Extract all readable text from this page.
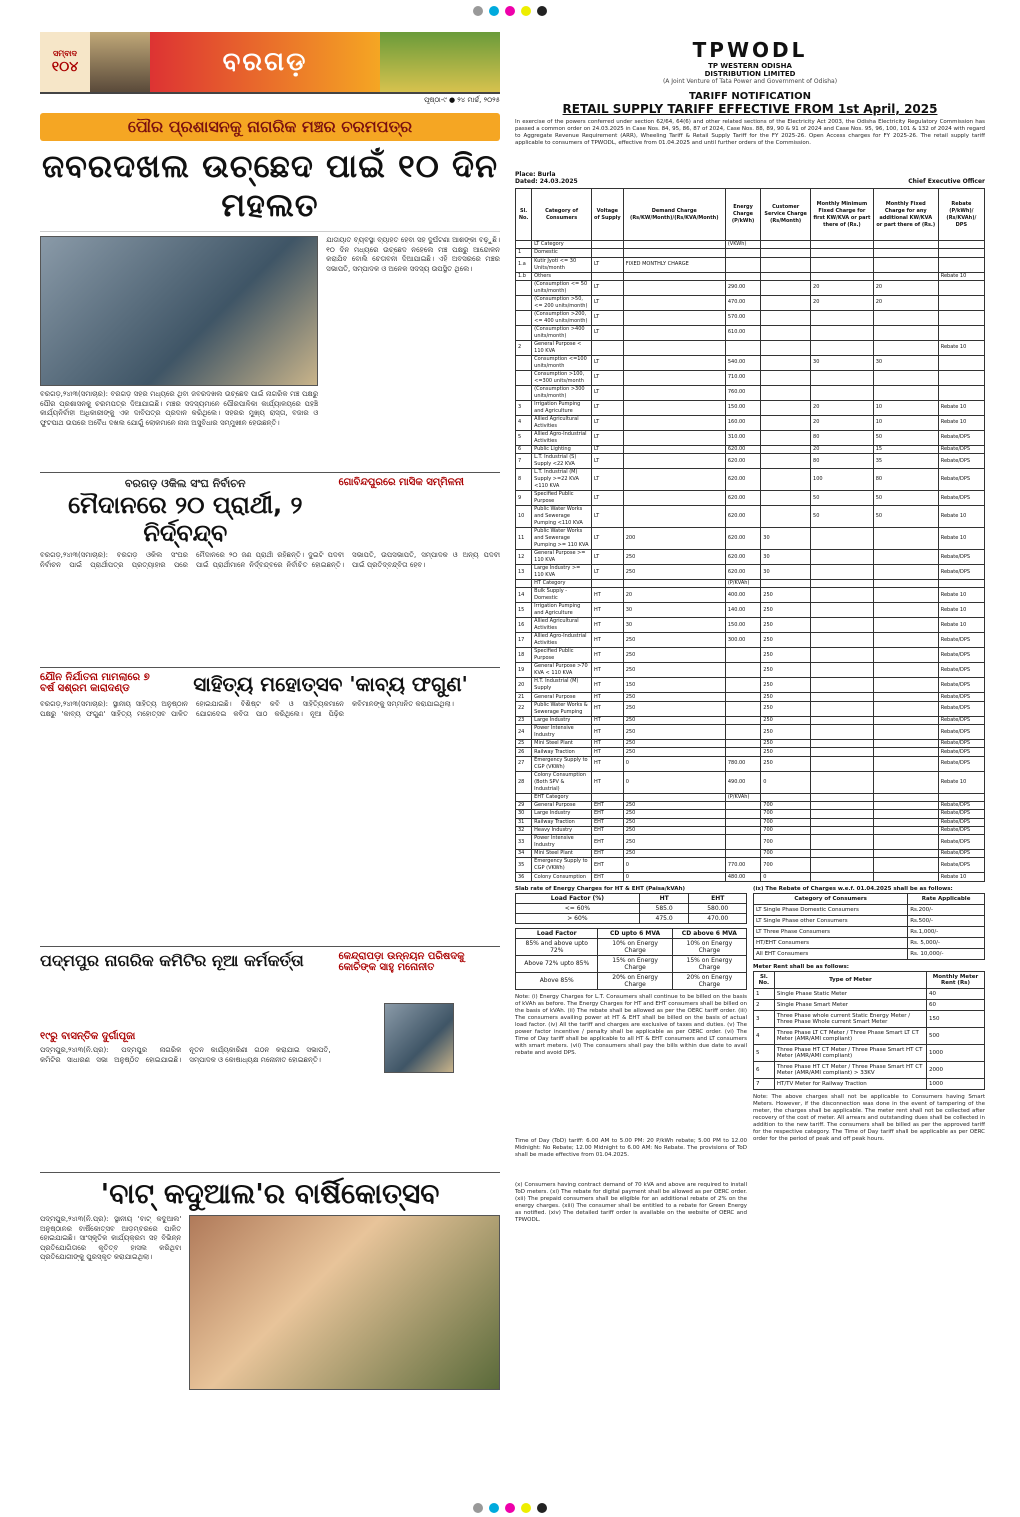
ସମ୍ବାଦ
୧୦୪	ବରଗଡ଼
ପୃଷ୍ଠା-୯ ● ୨୪ ମାର୍ଚ୍ଚ, ୨୦୨୫
ପୌର ପ୍ରଶାସନକୁ ନାଗରିକ ମଞ୍ଚର ଚରମପତ୍ର
ଜବରଦଖଲ ଉଚ୍ଛେଦ ପାଇଁ ୧୦ ଦିନ ମହଲତ
ବରଗଡ଼,୨୪ା୩(ସମାଚାର): ବରଗଡ଼ ସହର ମଧ୍ୟରେ ଥିବା ଜବରଦଖଲ ଉଚ୍ଛେଦ ପାଇଁ ନାଗରିକ ମଞ୍ଚ ପକ୍ଷରୁ ପୌର ପ୍ରଶାସନକୁ ଚରମପତ୍ର ଦିଆଯାଇଛି। ମଞ୍ଚର ସଦସ୍ୟମାନେ ପୌରପାଳିକା କାର୍ଯ୍ୟାଳୟରେ ପହଞ୍ଚି କାର୍ଯ୍ୟନିର୍ବାହୀ ଅଧିକାରୀଙ୍କୁ ଏକ ଦାବିପତ୍ର ପ୍ରଦାନ କରିଥିଲେ। ସହରର ମୁଖ୍ୟ ରାସ୍ତା, ବଜାର ଓ ଫୁଟପାଥ ଉପରେ ଅବୈଧ ଦଖଲ ଯୋଗୁଁ ଲୋକମାନେ ନାନା ଅସୁବିଧାର ସମ୍ମୁଖୀନ ହେଉଛନ୍ତି।
ଯାତାୟାତ ବ୍ୟବସ୍ଥା ବ୍ୟାହତ ହେବା ସହ ଦୁର୍ଘଟଣା ଆଶଙ୍କା ବଢ଼ୁଛି। ୧୦ ଦିନ ମଧ୍ୟରେ ଉଚ୍ଛେଦ ନହେଲେ ମଞ୍ଚ ପକ୍ଷରୁ ଆନ୍ଦୋଳନ କରାଯିବ ବୋଲି ଚେତାବନୀ ଦିଆଯାଇଛି। ଏହି ଅବସରରେ ମଞ୍ଚର ସଭାପତି, ସମ୍ପାଦକ ଓ ଅନେକ ସଦସ୍ୟ ଉପସ୍ଥିତ ଥିଲେ।
ବରଗଡ଼ ଓକିଲ ସଂଘ ନିର୍ବାଚନ
ମୈଦାନରେ ୨୦ ପ୍ରାର୍ଥୀ, ୨ ନିର୍ଦ୍ବନ୍ଦ୍ବ
ଗୋବିନ୍ଦପୁରରେ ମାସିକ ସମ୍ମିଳନୀ
ବରଗଡ଼,୨୪ା୩(ସମାଚାର): ବରଗଡ଼ ଓକିଲ ସଂଘର ନିର୍ବାଚନ ପାଇଁ ପ୍ରାର୍ଥୀପତ୍ର ପ୍ରତ୍ୟାହାର ପରେ ମୈଦାନରେ ୨୦ ଜଣ ପ୍ରାର୍ଥୀ ରହିଛନ୍ତି। ଦୁଇଟି ପଦବୀ ପାଇଁ ପ୍ରାର୍ଥୀମାନେ ନିର୍ଦ୍ବନ୍ଦ୍ବରେ ନିର୍ବାଚିତ ହୋଇଛନ୍ତି। ସଭାପତି, ଉପସଭାପତି, ସମ୍ପାଦକ ଓ ଅନ୍ୟ ପଦବୀ ପାଇଁ ପ୍ରତିଦ୍ବନ୍ଦ୍ବିତା ହେବ।
ଯୌନ ନିର୍ଯାତନା ମାମଲାରେ ୭ ବର୍ଷ ସଶ୍ରମ କାରାଦଣ୍ଡ	ସାହିତ୍ୟ ମହୋତ୍ସବ 'କାବ୍ୟ ଫଗୁଣ'
ବରଗଡ଼,୨୪ା୩(ସମାଚାର): ସ୍ଥାନୀୟ ସାହିତ୍ୟ ଅନୁଷ୍ଠାନ ପକ୍ଷରୁ 'କାବ୍ୟ ଫଗୁଣ' ସାହିତ୍ୟ ମହୋତ୍ସବ ପାଳିତ ହୋଇଯାଇଛି। ବିଶିଷ୍ଟ କବି ଓ ସାହିତ୍ୟିକମାନେ ଯୋଗଦେଇ କବିତା ପାଠ କରିଥିଲେ। ନୂଆ ପିଢ଼ିର କବିମାନଙ୍କୁ ସମ୍ମାନିତ କରାଯାଇଥିଲା।
ପଦ୍ମପୁର ନାଗରିକ କମିଟିର ନୂଆ କର୍ମକର୍ତ୍ତା
୧୯ରୁ ବାସନ୍ତିକ ଦୁର୍ଗାପୂଜା
ପଦ୍ମପୁର,୨୪ା୩(ନି.ପ୍ର): ପଦ୍ମପୁର ନାଗରିକ କମିଟିର ସାଧାରଣ ସଭା ଅନୁଷ୍ଠିତ ହୋଇଯାଇଛି। ନୂତନ କାର୍ଯ୍ୟକାରିଣୀ ଗଠନ କରାଯାଇ ସଭାପତି, ସମ୍ପାଦକ ଓ କୋଷାଧ୍ୟକ୍ଷ ମନୋନୀତ ହୋଇଛନ୍ତି।
କେନ୍ଦ୍ରାପଡ଼ା ଉନ୍ନୟନ ପରିଷଦକୁ କୋଚିଙ୍କ ସାହୁ ମନୋନୀତ
'ବାଟ୍ କଦୁଆଲ'ର ବାର୍ଷିକୋତ୍ସବ
ପଦ୍ମପୁର,୨୪ା୩(ନି.ପ୍ର): ସ୍ଥାନୀୟ 'ବାଟ୍ କଦୁଆଲ' ଅନୁଷ୍ଠାନର ବାର୍ଷିକୋତ୍ସବ ଆଡ଼ମ୍ବରରେ ପାଳିତ ହୋଇଯାଇଛି। ସାଂସ୍କୃତିକ କାର୍ଯ୍ୟକ୍ରମ ସହ ବିଭିନ୍ନ ପ୍ରତିଯୋଗିତାରେ କୃତିତ୍ବ ହାସଲ କରିଥିବା ପ୍ରତିଯୋଗୀଙ୍କୁ ପୁରସ୍କୃତ କରାଯାଇଥିଲା।
TPWODL
TP WESTERN ODISHA
DISTRIBUTION LIMITED
(A Joint Venture of Tata Power and Government of Odisha)
TARIFF NOTIFICATION
RETAIL SUPPLY TARIFF EFFECTIVE FROM 1st April, 2025
In exercise of the powers conferred under section 62/64, 64(6) and other related sections of the Electricity Act 2003, the Odisha Electricity Regulatory Commission has passed a common order on 24.03.2025 in Case Nos. 84, 95, 86, 87 of 2024, Case Nos. 88, 89, 90 & 91 of 2024 and Case Nos. 95, 96, 100, 101 & 132 of 2024 with regard to Aggregate Revenue Requirement (ARR), Wheeling Tariff & Retail Supply Tariff for the FY 2025-26. Open Access charges for FY 2025-26. The retail supply tariff applicable to consumers of TPWODL, effective from 01.04.2025 and until further orders of the Commission.
Place: Burla
Dated: 24.03.2025	Chief Executive Officer
Sl. No.	Category of Consumers	Voltage of Supply	Demand Charge (Rs/KW/Month)/(Rs/KVA/Month)	Energy Charge (P/kWh)	Customer Service Charge (Rs/Month)	Monthly Minimum Fixed Charge for first KW/KVA or part there of (Rs.)	Monthly Fixed Charge for any additional KW/KVA or part there of (Rs.)	Rebate (P/kWh)/ (Rs/KVAh)/ DPS
	LT Category			(VKWh)				
1	Domestic							
1.a	Kutir Jyoti <= 30 Units/month	LT	FIXED MONTHLY CHARGE					
1.b	Others							Rebate 10
	(Consumption <= 50 units/month)	LT		290.00		20	20	
	(Consumption >50, <= 200 units/month)	LT		470.00		20	20	
	(Consumption >200, <= 400 units/month)	LT		570.00				
	(Consumption >400 units/month)	LT		610.00				
2	General Purpose < 110 KVA							Rebate 10
	Consumption <=100 units/month	LT		540.00		30	30	
	Consumption >100, <=300 units/month	LT		710.00				
	(Consumption >300 units/month)	LT		760.00				
3	Irrigation Pumping and Agriculture	LT		150.00		20	10	Rebate 10
4	Allied Agricultural Activities	LT		160.00		20	10	Rebate 10
5	Allied Agro-Industrial Activities	LT		310.00		80	50	Rebate/DPS
6	Public Lighting	LT		620.00		20	15	Rebate/DPS
7	L.T. Industrial (S) Supply <22 KVA	LT		620.00		80	35	Rebate/DPS
8	L.T. Industrial (M) Supply >=22 KVA <110 KVA	LT		620.00		100	80	Rebate/DPS
9	Specified Public Purpose	LT		620.00		50	50	Rebate/DPS
10	Public Water Works and Sewerage Pumping <110 KVA	LT		620.00		50	50	Rebate 10
11	Public Water Works and Sewerage Pumping >= 110 KVA	LT	200	620.00	30			Rebate 10
12	General Purpose >= 110 KVA	LT	250	620.00	30			Rebate/DPS
13	Large Industry >= 110 KVA	LT	250	620.00	30			Rebate/DPS
	HT Category			(P/KVAh)				
14	Bulk Supply - Domestic	HT	20	400.00	250			Rebate 10
15	Irrigation Pumping and Agriculture	HT	30	140.00	250			Rebate 10
16	Allied Agricultural Activities	HT	30	150.00	250			Rebate 10
17	Allied Agro-Industrial Activities	HT	250	300.00	250			Rebate/DPS
18	Specified Public Purpose	HT	250		250			Rebate/DPS
19	General Purpose >70 KVA < 110 KVA	HT	250		250			Rebate/DPS
20	H.T. Industrial (M) Supply	HT	150		250			Rebate/DPS
21	General Purpose	HT	250		250			Rebate/DPS
22	Public Water Works & Sewerage Pumping	HT	250		250			Rebate/DPS
23	Large Industry	HT	250		250			Rebate/DPS
24	Power Intensive Industry	HT	250		250			Rebate/DPS
25	Mini Steel Plant	HT	250		250			Rebate/DPS
26	Railway Traction	HT	250		250			Rebate/DPS
27	Emergency Supply to CGP (VKWh)	HT	0	780.00	250			Rebate/DPS
28	Colony Consumption (Both SPV & Industrial)	HT	0	490.00	0			Rebate 10
	EHT Category			(P/KVAh)				
29	General Purpose	EHT	250		700			Rebate/DPS
30	Large Industry	EHT	250		700			Rebate/DPS
31	Railway Traction	EHT	250		700			Rebate/DPS
32	Heavy Industry	EHT	250		700			Rebate/DPS
33	Power Intensive Industry	EHT	250		700			Rebate/DPS
34	Mini Steel Plant	EHT	250		700			Rebate/DPS
35	Emergency Supply to CGP (VKWh)	EHT	0	770.00	700			Rebate/DPS
36	Colony Consumption	EHT	0	480.00	0			Rebate 10
Slab rate of Energy Charges for HT & EHT (Paisa/kVAh)
Load Factor (%)	HT	EHT
<= 60%	585.0	580.00
> 60%	475.0	470.00
Load Factor	CD upto 6 MVA	CD above 6 MVA
85% and above upto 72%	10% on Energy Charge	10% on Energy Charge
Above 72% upto 85%	15% on Energy Charge	15% on Energy Charge
Above 85%	20% on Energy Charge	20% on Energy Charge
Note: (i) Energy Charges for L.T. Consumers shall continue to be billed on the basis of kVAh as before. The Energy Charges for HT and EHT consumers shall be billed on the basis of kVAh. (ii) The rebate shall be allowed as per the OERC tariff order. (iii) The consumers availing power at HT & EHT shall be billed on the basis of actual load factor. (iv) All the tariff and charges are exclusive of taxes and duties. (v) The power factor incentive / penalty shall be applicable as per OERC order. (vi) The Time of Day tariff shall be applicable to all HT & EHT consumers and LT consumers with smart meters. (vii) The consumers shall pay the bills within due date to avail rebate and avoid DPS.
Time of Day (ToD) tariff: 6.00 AM to 5.00 PM: 20 P/kWh rebate; 5.00 PM to 12.00 Midnight: No Rebate; 12.00 Midnight to 6.00 AM: No Rebate. The provisions of ToD shall be made effective from 01.04.2025.
(x) Consumers having contract demand of 70 kVA and above are required to install ToD meters. (xi) The rebate for digital payment shall be allowed as per OERC order. (xii) The prepaid consumers shall be eligible for an additional rebate of 2% on the energy charges. (xiii) The consumer shall be entitled to a rebate for Green Energy as notified. (xiv) The detailed tariff order is available on the website of OERC and TPWODL.
(ix) The Rebate of Charges w.e.f. 01.04.2025 shall be as follows:
Category of Consumers	Rate Applicable
LT Single Phase Domestic Consumers	Rs.200/-
LT Single Phase other Consumers	Rs.500/-
LT Three Phase Consumers	Rs.1,000/-
HT/EHT Consumers	Rs. 5,000/-
All EHT Consumers	Rs. 10,000/-
Meter Rent shall be as follows:
Sl. No.	Type of Meter	Monthly Meter Rent (Rs)
1	Single Phase Static Meter	40
2	Single Phase Smart Meter	60
3	Three Phase whole current Static Energy Meter / Three Phase Whole current Smart Meter	150
4	Three Phase LT CT Meter / Three Phase Smart LT CT Meter (AMR/AMI compliant)	500
5	Three Phase HT CT Meter / Three Phase Smart HT CT Meter (AMR/AMI compliant)	1000
6	Three Phase HT CT Meter / Three Phase Smart HT CT Meter (AMR/AMI compliant) > 33KV	2000
7	HT/TV Meter for Railway Traction	1000
Note: The above charges shall not be applicable to Consumers having Smart Meters. However, if the disconnection was done in the event of tampering of the meter, the charges shall be applicable. The meter rent shall not be collected after recovery of the cost of meter. All arrears and outstanding dues shall be collected in addition to the new tariff. The consumers shall be billed as per the approved tariff for the respective category. The Time of Day tariff shall be applicable as per OERC order for the period of peak and off peak hours.
